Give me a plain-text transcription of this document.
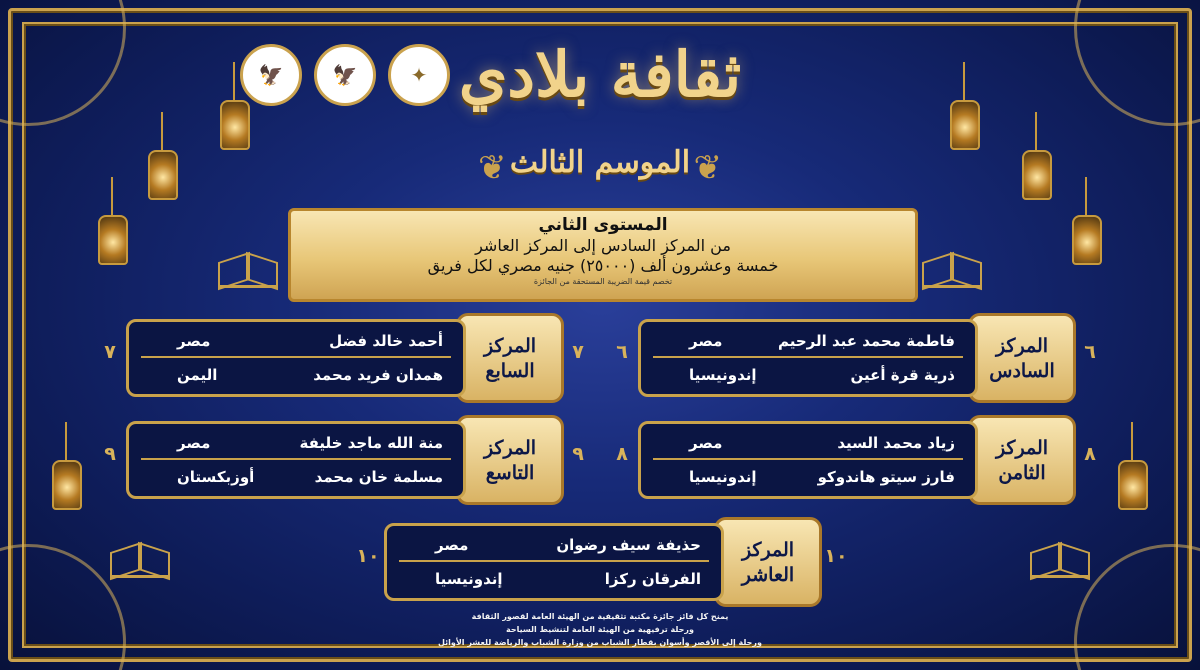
🦅 🦅	✦ ثقافة بلادي
❦	❦
الموسم الثالث
المستوى الثاني
من المركز السادس إلى المركز العاشر
خمسة وعشرون ألف (٢٥٠٠٠) جنيه مصري لكل فريق
تخصم قيمة الضريبة المستحقة من الجائزة
٦
المركز
السادس
فاطمة محمد عبد الرحيم
مصر
ذرية قرة أعين
إندونيسيا
٦
٧
المركز
السابع
أحمد خالد فضل
مصر
همدان فريد محمد
اليمن
٧
٨
المركز
الثامن
زياد محمد السيد
مصر
فارز سيتو هاندوكو
إندونيسيا
٨
٩
المركز
التاسع
منة الله ماجد خليفة
مصر
مسلمة خان محمد
أوزبكستان
٩
١٠
المركز
العاشر
حذيفة سيف رضوان
مصر
الفرقان ركزا
إندونيسيا
١٠
يمنح كل فائز جائزة مكتبة تثقيفية من الهيئة العامة لقصور الثقافة
ورحلة ترفيهية من الهيئة العامة لتنشيط السياحة
ورحلة إلى الأقصر وأسوان بقطار الشباب من وزارة الشباب والرياضة للعشر الأوائل
